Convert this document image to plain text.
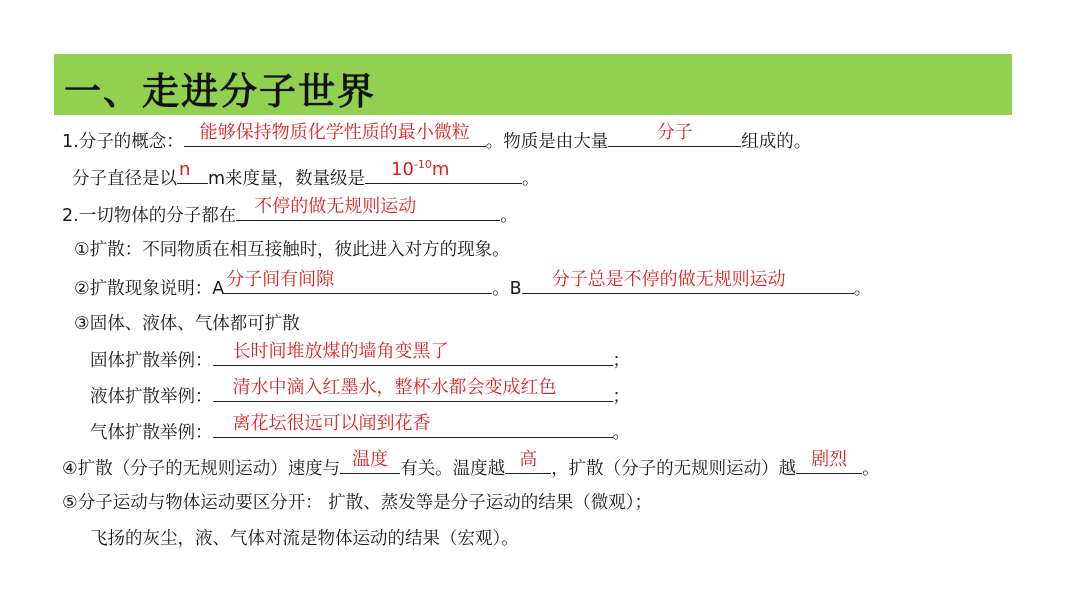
一、走进分子世界
1.分子的概念： 能够保持物质化学性质的最小微粒 。物质是由大量	分子	组成的。
分子直径是以 n	m来度量，数量级是 $10^{-10}m$	。
2.一切物体的分子都在 不停的做无规则运动	。
①扩散：不同物质在相互接触时，彼此进入对方的现象。
②扩散现象说明：A 分子间有间隙	。B 分子总是不停的做无规则运动	。
③固体、液体、气体都可扩散
固体扩散举例： 长时间堆放煤的墙角变黑了	；
液体扩散举例： 清水中滴入红墨水，整杯水都会变成红色	；
气体扩散举例： 离花坛很远可以闻到花香	。
④扩散（分子的无规则运动）速度与 温度 有关。温度越 高 ，扩散（分子的无规则运动）越 剧烈 。
⑤分子运动与物体运动要区分开： 扩散、蒸发等是分子运动的结果（微观）；
飞扬的灰尘，液、气体对流是物体运动的结果（宏观）。
